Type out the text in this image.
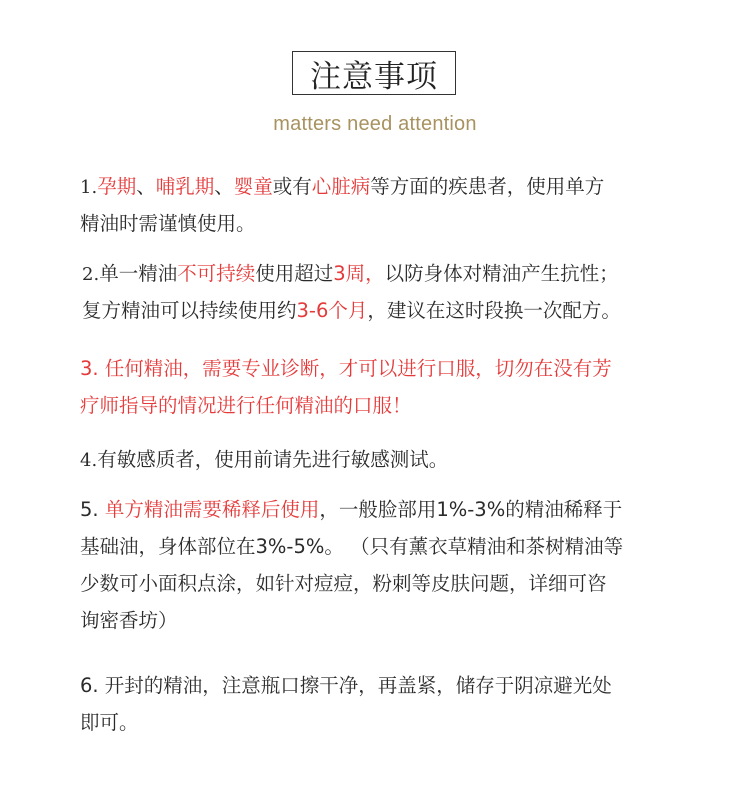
注意事项
matters need attention
1.孕期、哺乳期、婴童或有心脏病等方面的疾患者，使用单方
精油时需谨慎使用。
2.单一精油不可持续使用超过3周，以防身体对精油产生抗性；
复方精油可以持续使用约3-6个月，建议在这时段换一次配方。
3. 任何精油，需要专业诊断，才可以进行口服，切勿在没有芳
疗师指导的情况进行任何精油的口服！
4.有敏感质者，使用前请先进行敏感测试。
5. 单方精油需要稀释后使用，一般脸部用1%-3%的精油稀释于
基础油，身体部位在3%-5%。 （只有薰衣草精油和茶树精油等
少数可小面积点涂，如针对痘痘，粉刺等皮肤问题，详细可咨
询密香坊）
6. 开封的精油，注意瓶口擦干净，再盖紧，储存于阴凉避光处
即可。
